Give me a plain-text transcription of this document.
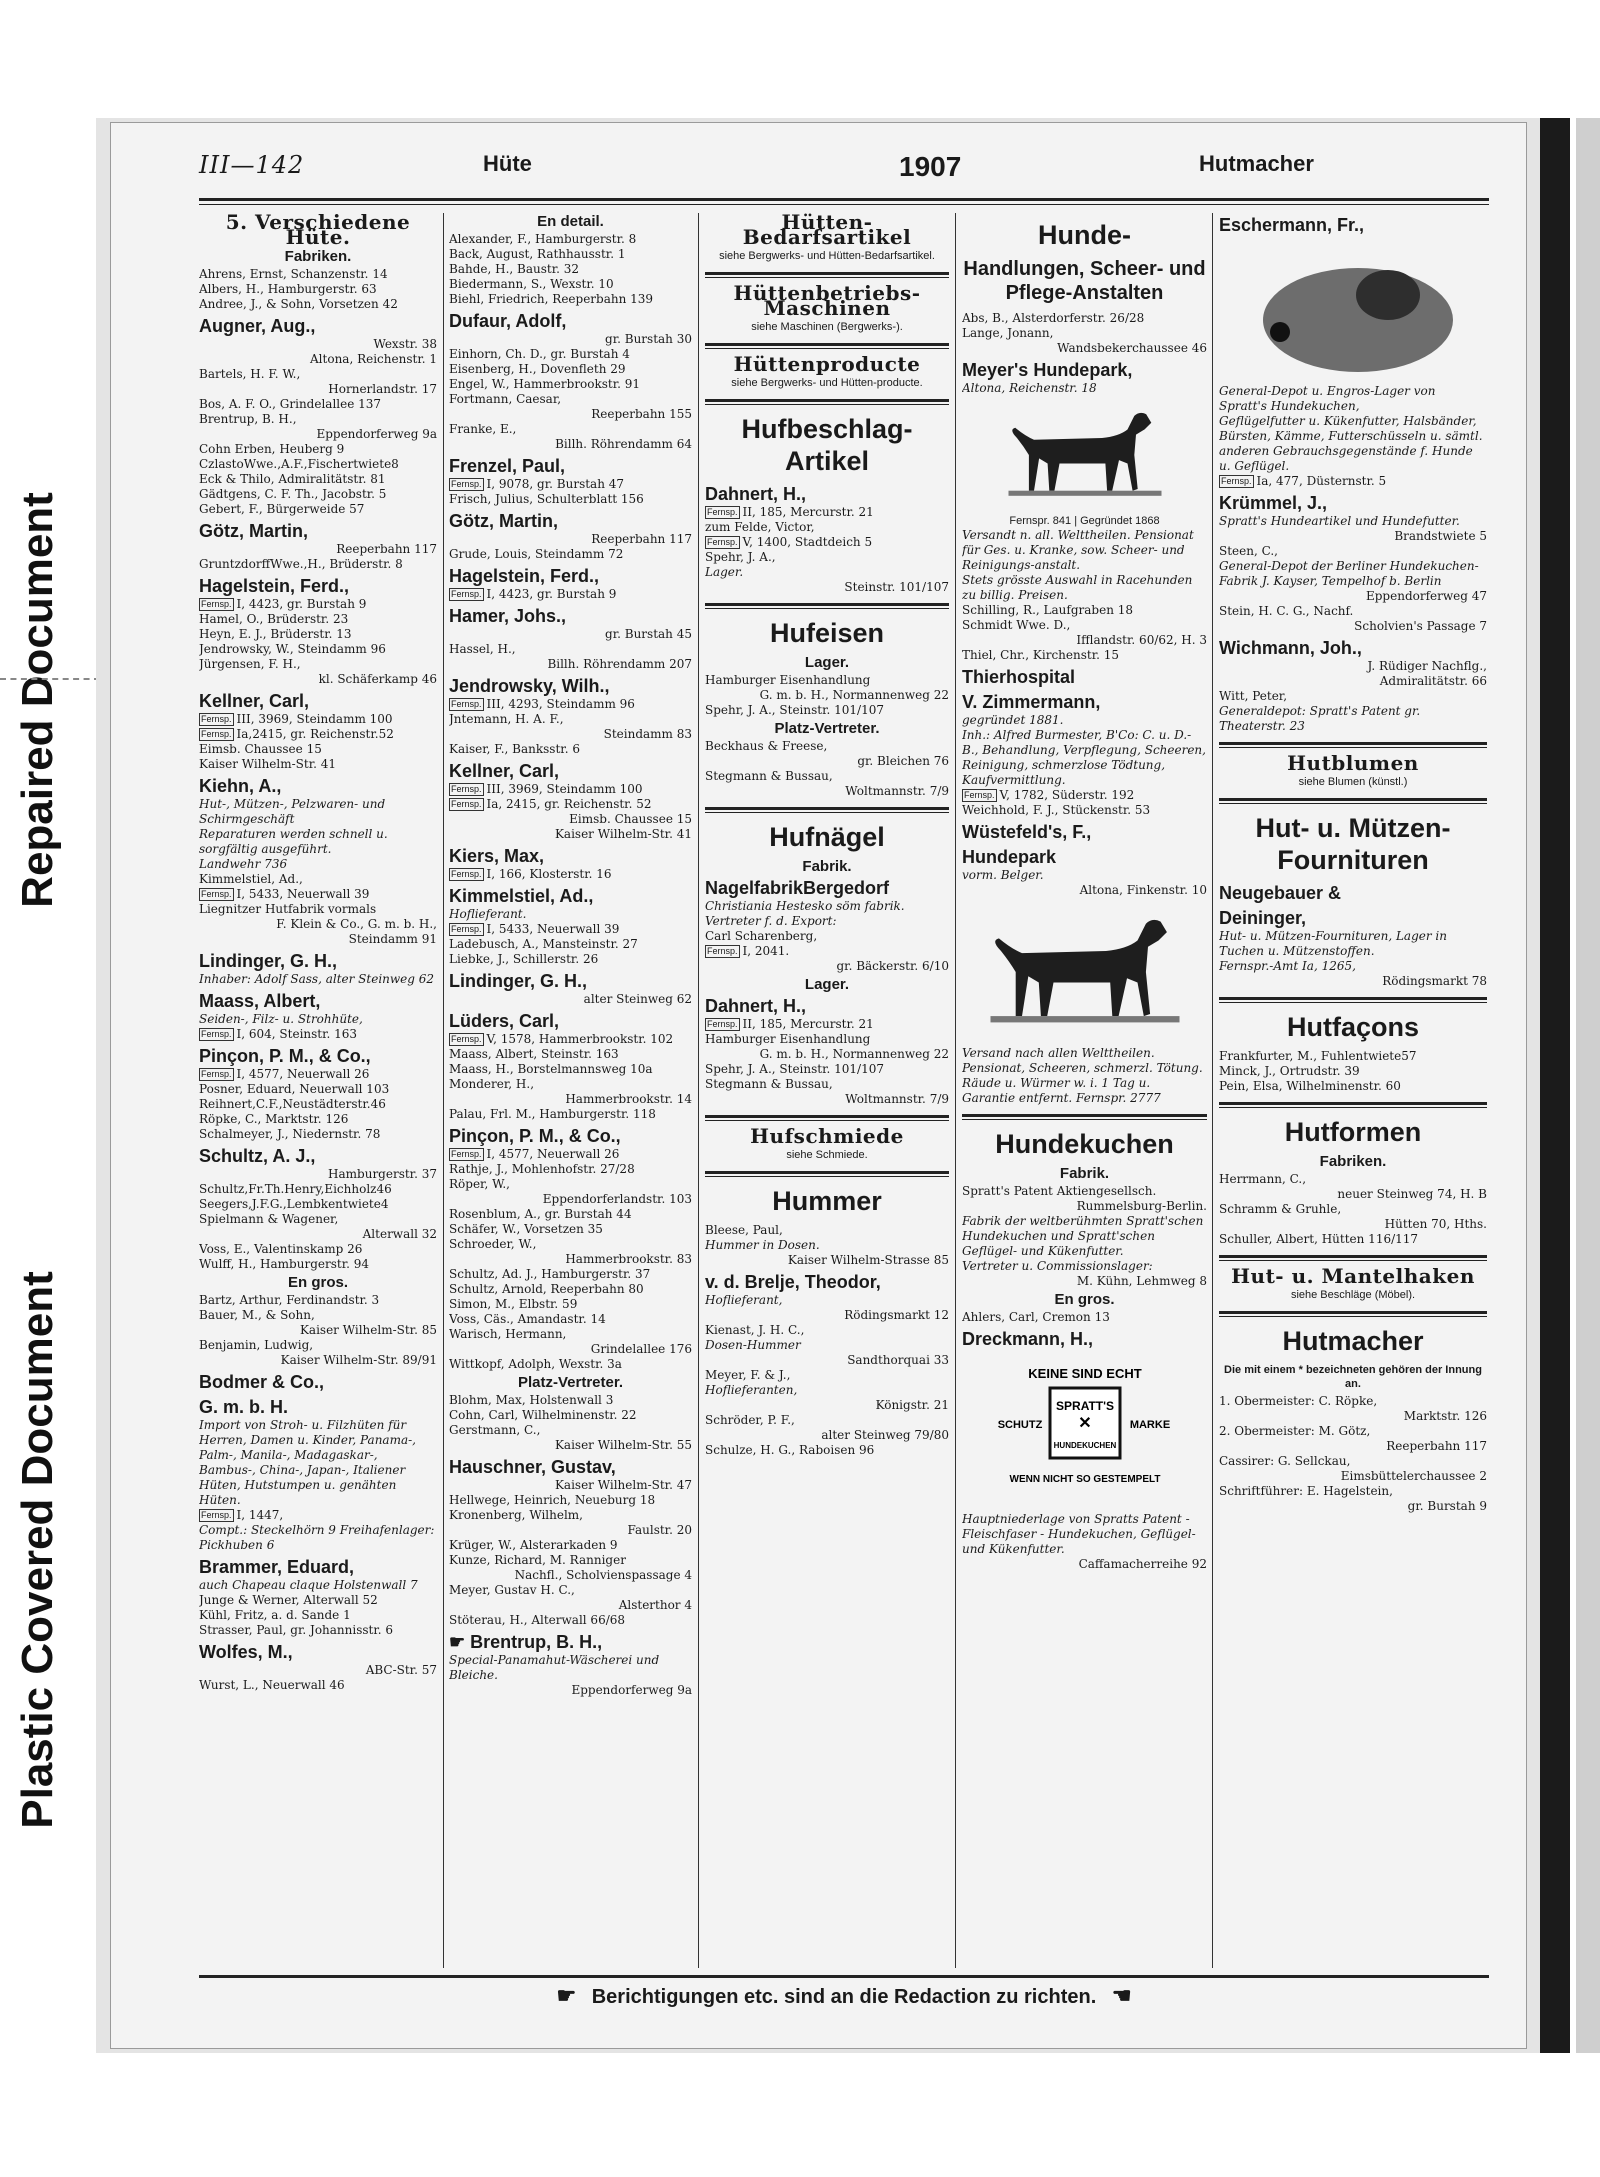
Repaired Document
Plastic Covered Document
III—142	Hüte	1907	Hutmacher
5. Verschiedene Hüte.
Fabriken.
Ahrens, Ernst, Schanzenstr. 14
Albers, H., Hamburgerstr. 63
Andree, J., & Sohn, Vorsetzen 42
Augner, Aug.,
Wexstr. 38
Altona, Reichenstr. 1
Bartels, H. F. W.,
Hornerlandstr. 17
Bos, A. F. O., Grindelallee 137
Brentrup, B. H.,
Eppendorferweg 9a
Cohn Erben, Heuberg 9
CzlastoWwe.,A.F.,Fischertwiete8
Eck & Thilo, Admiralitätstr. 81
Gädtgens, C. F. Th., Jacobstr. 5
Gebert, F., Bürgerweide 57
Götz, Martin,
Reeperbahn 117
GruntzdorffWwe.,H., Brüderstr. 8
Hagelstein, Ferd.,
Fernsp. I, 4423, gr. Burstah 9
Hamel, O., Brüderstr. 23
Heyn, E. J., Brüderstr. 13
Jendrowsky, W., Steindamm 96
Jürgensen, F. H.,
kl. Schäferkamp 46
Kellner, Carl,
Fernsp. III, 3969, Steindamm 100
Fernsp. Ia,2415, gr. Reichenstr.52
Eimsb. Chaussee 15
Kaiser Wilhelm-Str. 41
Kiehn, A.,
Hut-, Mützen-, Pelzwaren- und Schirmgeschäft
Reparaturen werden schnell u. sorgfältig ausgeführt.
Landwehr 736
Kimmelstiel, Ad.,
Fernsp. I, 5433, Neuerwall 39
Liegnitzer Hutfabrik vormals
F. Klein & Co., G. m. b. H.,
Steindamm 91
Lindinger, G. H.,
Inhaber: Adolf Sass, alter Steinweg 62
Maass, Albert,
Seiden-, Filz- u. Strohhüte,
Fernsp. I, 604, Steinstr. 163
Pinçon, P. M., & Co.,
Fernsp. I, 4577, Neuerwall 26
Posner, Eduard, Neuerwall 103
Reihnert,C.F.,Neustädterstr.46
Röpke, C., Marktstr. 126
Schalmeyer, J., Niedernstr. 78
Schultz, A. J.,
Hamburgerstr. 37
Schultz,Fr.Th.Henry,Eichholz46
Seegers,J.F.G.,Lembkentwiete4
Spielmann & Wagener,
Alterwall 32
Voss, E., Valentinskamp 26
Wulff, H., Hamburgerstr. 94
En gros.
Bartz, Arthur, Ferdinandstr. 3
Bauer, M., & Sohn,
Kaiser Wilhelm-Str. 85
Benjamin, Ludwig,
Kaiser Wilhelm-Str. 89/91
Bodmer & Co.,
G. m. b. H.
Import von Stroh- u. Filzhüten für Herren, Damen u. Kinder, Panama-, Palm-, Manila-, Madagaskar-, Bambus-, China-, Japan-, Italiener Hüten, Hutstumpen u. genähten Hüten.
Fernsp. I, 1447,
Compt.: Steckelhörn 9 Freihafenlager: Pickhuben 6
Brammer, Eduard,
auch Chapeau claque Holstenwall 7
Junge & Werner, Alterwall 52
Kühl, Fritz, a. d. Sande 1
Strasser, Paul, gr. Johannisstr. 6
Wolfes, M.,
ABC-Str. 57
Wurst, L., Neuerwall 46
En detail.
Alexander, F., Hamburgerstr. 8
Back, August, Rathhausstr. 1
Bahde, H., Baustr. 32
Biedermann, S., Wexstr. 10
Biehl, Friedrich, Reeperbahn 139
Dufaur, Adolf,
gr. Burstah 30
Einhorn, Ch. D., gr. Burstah 4
Eisenberg, H., Dovenfleth 29
Engel, W., Hammerbrookstr. 91
Fortmann, Caesar,
Reeperbahn 155
Franke, E.,
Billh. Röhrendamm 64
Frenzel, Paul,
Fernsp. I, 9078, gr. Burstah 47
Frisch, Julius, Schulterblatt 156
Götz, Martin,
Reeperbahn 117
Grude, Louis, Steindamm 72
Hagelstein, Ferd.,
Fernsp. I, 4423, gr. Burstah 9
Hamer, Johs.,
gr. Burstah 45
Hassel, H.,
Billh. Röhrendamm 207
Jendrowsky, Wilh.,
Fernsp. III, 4293, Steindamm 96
Jntemann, H. A. F.,
Steindamm 83
Kaiser, F., Banksstr. 6
Kellner, Carl,
Fernsp. III, 3969, Steindamm 100
Fernsp. Ia, 2415, gr. Reichenstr. 52
Eimsb. Chaussee 15
Kaiser Wilhelm-Str. 41
Kiers, Max,
Fernsp. I, 166, Klosterstr. 16
Kimmelstiel, Ad.,
Hoflieferant.
Fernsp. I, 5433, Neuerwall 39
Ladebusch, A., Mansteinstr. 27
Liebke, J., Schillerstr. 26
Lindinger, G. H.,
alter Steinweg 62
Lüders, Carl,
Fernsp. V, 1578, Hammerbrookstr. 102
Maass, Albert, Steinstr. 163
Maass, H., Borstelmannsweg 10a
Monderer, H.,
Hammerbrookstr. 14
Palau, Frl. M., Hamburgerstr. 118
Pinçon, P. M., & Co.,
Fernsp. I, 4577, Neuerwall 26
Rathje, J., Mohlenhofstr. 27/28
Röper, W.,
Eppendorferlandstr. 103
Rosenblum, A., gr. Burstah 44
Schäfer, W., Vorsetzen 35
Schroeder, W.,
Hammerbrookstr. 83
Schultz, Ad. J., Hamburgerstr. 37
Schultz, Arnold, Reeperbahn 80
Simon, M., Elbstr. 59
Voss, Cäs., Amandastr. 14
Warisch, Hermann,
Grindelallee 176
Wittkopf, Adolph, Wexstr. 3a
Platz-Vertreter.
Blohm, Max, Holstenwall 3
Cohn, Carl, Wilhelminenstr. 22
Gerstmann, C.,
Kaiser Wilhelm-Str. 55
Hauschner, Gustav,
Kaiser Wilhelm-Str. 47
Hellwege, Heinrich, Neueburg 18
Kronenberg, Wilhelm,
Faulstr. 20
Krüger, W., Alsterarkaden 9
Kunze, Richard, M. Ranniger
Nachfl., Scholvienspassage 4
Meyer, Gustav H. C.,
Alsterthor 4
Stöterau, H., Alterwall 66/68
☛ Brentrup, B. H.,
Special-Panamahut-Wäscherei und Bleiche.
Eppendorferweg 9a
Hütten-Bedarfsartikel
siehe Bergwerks- und Hütten-Bedarfsartikel.
Hüttenbetriebs-Maschinen
siehe Maschinen (Bergwerks-).
Hüttenproducte
siehe Bergwerks- und Hütten-producte.
Hufbeschlag-Artikel
Dahnert, H.,
Fernsp. II, 185, Mercurstr. 21
zum Felde, Victor,
Fernsp. V, 1400, Stadtdeich 5
Spehr, J. A.,
Lager.
Steinstr. 101/107
Hufeisen
Lager.
Hamburger Eisenhandlung
G. m. b. H., Normannenweg 22
Spehr, J. A., Steinstr. 101/107
Platz-Vertreter.
Beckhaus & Freese,
gr. Bleichen 76
Stegmann & Bussau,
Woltmannstr. 7/9
Hufnägel
Fabrik.
NagelfabrikBergedorf
Christiania Hestesko söm fabrik.
Vertreter f. d. Export:
Carl Scharenberg,
Fernsp. I, 2041.
gr. Bäckerstr. 6/10
Lager.
Dahnert, H.,
Fernsp. II, 185, Mercurstr. 21
Hamburger Eisenhandlung
G. m. b. H., Normannenweg 22
Spehr, J. A., Steinstr. 101/107
Stegmann & Bussau,
Woltmannstr. 7/9
Hufschmiede
siehe Schmiede.
Hummer
Bleese, Paul,
Hummer in Dosen.
Kaiser Wilhelm-Strasse 85
v. d. Brelje, Theodor,
Hoflieferant,
Rödingsmarkt 12
Kienast, J. H. C.,
Dosen-Hummer
Sandthorquai 33
Meyer, F. & J.,
Hoflieferanten,
Königstr. 21
Schröder, P. F.,
alter Steinweg 79/80
Schulze, H. G., Raboisen 96
Hunde-
Handlungen, Scheer- und Pflege-Anstalten
Abs, B., Alsterdorferstr. 26/28
Lange, Jonann,
Wandsbekerchaussee 46
Meyer's Hundepark,
Altona, Reichenstr. 18
Fernspr. 841 | Gegründet 1868
Versandt n. all. Welttheilen. Pensionat für Ges. u. Kranke, sow. Scheer- und Reinigungs-anstalt.
Stets grösste Auswahl in Racehunden zu billig. Preisen.
Schilling, R., Laufgraben 18
Schmidt Wwe. D.,
Ifflandstr. 60/62, H. 3
Thiel, Chr., Kirchenstr. 15
Thierhospital
V. Zimmermann,
gegründet 1881.
Inh.: Alfred Burmester, B'Co: C. u. D.-B., Behandlung, Verpflegung, Scheeren, Reinigung, schmerzlose Tödtung, Kaufvermittlung.
Fernsp. V, 1782, Süderstr. 192
Weichhold, F. J., Stückenstr. 53
Wüstefeld's, F.,
Hundepark
vorm. Belger.
Altona, Finkenstr. 10
Versand nach allen Welttheilen. Pensionat, Scheeren, schmerzl. Tötung. Räude u. Würmer w. i. 1 Tag u. Garantie entfernt. Fernspr. 2777
Hundekuchen
Fabrik.
Spratt's Patent Aktiengesellsch.
Rummelsburg-Berlin.
Fabrik der weltberühmten Spratt'schen Hundekuchen und Spratt'schen Geflügel- und Kükenfutter.
Vertreter u. Commissionslager:
M. Kühn, Lehmweg 8
En gros.
Ahlers, Carl, Cremon 13
Dreckmann, H.,
KEINE SIND ECHT
SPRATT'S
✕
HUNDEKUCHEN
SCHUTZ	MARKE
WENN NICHT SO GESTEMPELT
Hauptniederlage von Spratts Patent - Fleischfaser - Hundekuchen, Geflügel- und Kükenfutter.
Caffamacherreihe 92
Eschermann, Fr.,
General-Depot u. Engros-Lager von
Spratt's Hundekuchen,
Geflügelfutter u. Kükenfutter, Halsbänder, Bürsten, Kämme, Futterschüsseln u. sämtl. anderen Gebrauchsgegenstände f. Hunde u. Geflügel.
Fernsp. Ia, 477, Düsternstr. 5
Krümmel, J.,
Spratt's Hundeartikel und Hundefutter.
Brandstwiete 5
Steen, C.,
General-Depot der Berliner Hundekuchen-Fabrik J. Kayser, Tempelhof b. Berlin
Eppendorferweg 47
Stein, H. C. G., Nachf.
Scholvien's Passage 7
Wichmann, Joh.,
J. Rüdiger Nachflg.,
Admiralitätstr. 66
Witt, Peter,
Generaldepot: Spratt's Patent gr. Theaterstr. 23
Hutblumen
siehe Blumen (künstl.)
Hut- u. Mützen-Fournituren
Neugebauer &
Deininger,
Hut- u. Mützen-Fournituren, Lager in Tuchen u. Mützenstoffen.
Fernspr.-Amt Ia, 1265,
Rödingsmarkt 78
Hutfaçons
Frankfurter, M., Fuhlentwiete57
Minck, J., Ortrudstr. 39
Pein, Elsa, Wilhelminenstr. 60
Hutformen
Fabriken.
Herrmann, C.,
neuer Steinweg 74, H. B
Schramm & Gruhle,
Hütten 70, Hths.
Schuller, Albert, Hütten 116/117
Hut- u. Mantelhaken
siehe Beschläge (Möbel).
Hutmacher
Die mit einem * bezeichneten gehören der Innung an.
1. Obermeister: C. Röpke,
Marktstr. 126
2. Obermeister: M. Götz,
Reeperbahn 117
Cassirer: G. Sellckau,
Eimsbüttelerchaussee 2
Schriftführer: E. Hagelstein,
gr. Burstah 9
☛ Berichtigungen etc. sind an die Redaction zu richten. ☚
